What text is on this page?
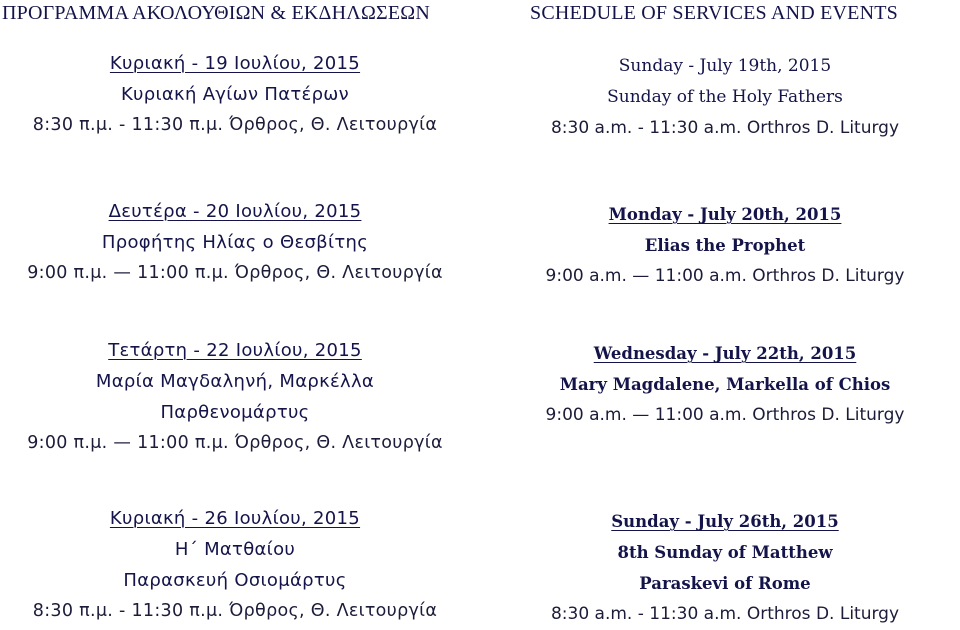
ΠΡΟΓΡΑΜΜΑ ΑΚΟΛΟΥΘΙΩΝ & ΕΚΔΗΛΩΣΕΩΝ
Κυριακή - 19 Ιουλίου, 2015
Κυριακή Αγίων Πατέρων
8:30 π.μ. - 11:30 π.μ. Όρθρος, Θ. Λειτουργία
Δευτέρα - 20 Ιουλίου, 2015
Προφήτης Ηλίας ο Θεσβίτης
9:00 π.μ. — 11:00 π.μ. Όρθρος, Θ. Λειτουργία
Τετάρτη - 22 Ιουλίου, 2015
Μαρία Μαγδαληνή, Μαρκέλλα
Παρθενομάρτυς
9:00 π.μ. — 11:00 π.μ. Όρθρος, Θ. Λειτουργία
Κυριακή - 26 Ιουλίου, 2015
Η΄ Ματθαίου
Παρασκευή Οσιομάρτυς
8:30 π.μ. - 11:30 π.μ. Όρθρος, Θ. Λειτουργία
SCHEDULE OF SERVICES AND EVENTS
Sunday - July 19th, 2015
Sunday of the Holy Fathers
8:30 a.m. - 11:30 a.m. Orthros D. Liturgy
Monday - July 20th, 2015
Elias the Prophet
9:00 a.m. — 11:00 a.m. Orthros D. Liturgy
Wednesday - July 22th, 2015
Mary Magdalene, Markella of Chios
9:00 a.m. — 11:00 a.m. Orthros D. Liturgy
Sunday - July 26th, 2015
8th Sunday of Matthew
Paraskevi of Rome
8:30 a.m. - 11:30 a.m. Orthros D. Liturgy
